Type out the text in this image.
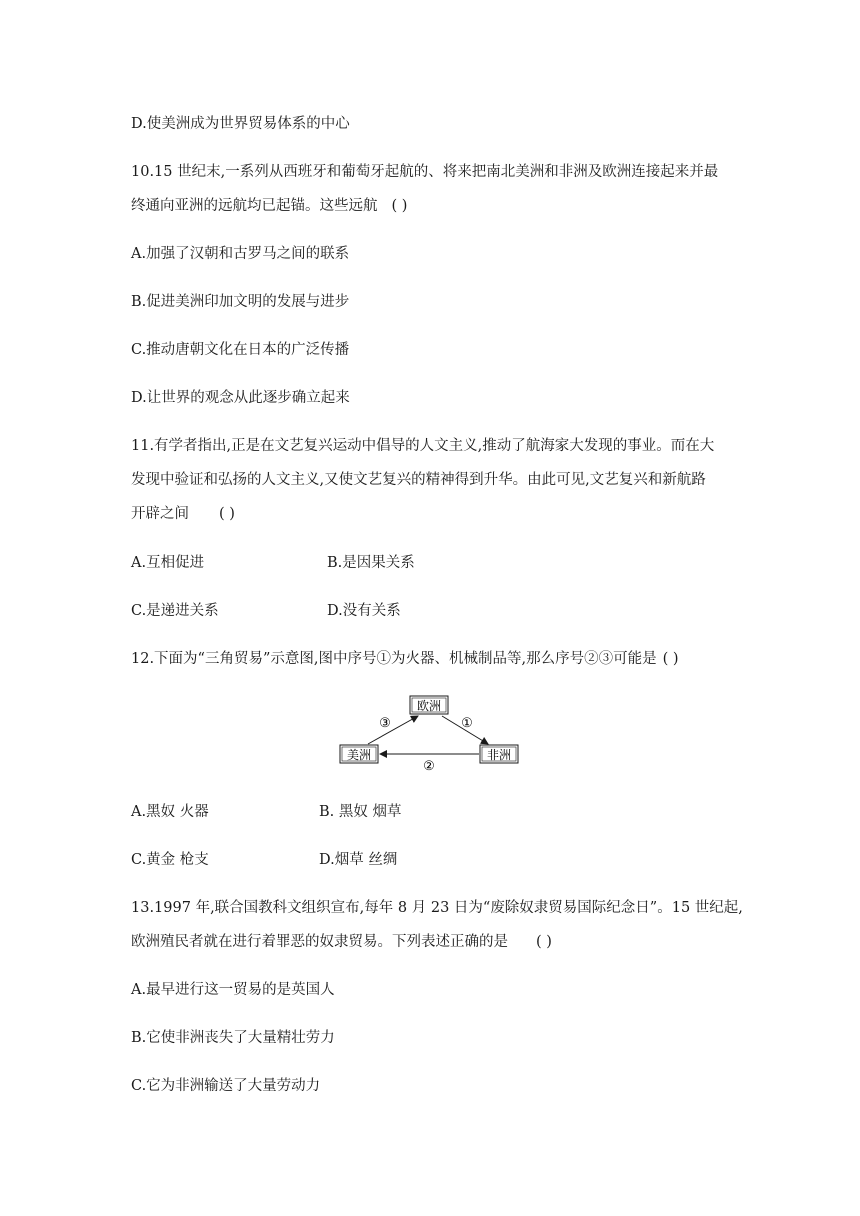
D.使美洲成为世界贸易体系的中心
10.15 世纪末,一系列从西班牙和葡萄牙起航的、将来把南北美洲和非洲及欧洲连接起来并最
终通向亚洲的远航均已起锚。这些远航 ( )
A.加强了汉朝和古罗马之间的联系
B.促进美洲印加文明的发展与进步
C.推动唐朝文化在日本的广泛传播
D.让世界的观念从此逐步确立起来
11.有学者指出,正是在文艺复兴运动中倡导的人文主义,推动了航海家大发现的事业。而在大
发现中验证和弘扬的人文主义,又使文艺复兴的精神得到升华。由此可见,文艺复兴和新航路
开辟之间 ( )
A.互相促进	B.是因果关系
C.是递进关系	D.没有关系
12.下面为“三角贸易”示意图,图中序号①为火器、机械制品等,那么序号②③可能是 ( )
欧洲
美洲	非洲
③	①
②
A.黑奴 火器	B. 黑奴 烟草
C.黄金 枪支	D.烟草 丝绸
13.1997 年,联合国教科文组织宣布,每年 8 月 23 日为“废除奴隶贸易国际纪念日”。15 世纪起,
欧洲殖民者就在进行着罪恶的奴隶贸易。下列表述正确的是 ( )
A.最早进行这一贸易的是英国人
B.它使非洲丧失了大量精壮劳力
C.它为非洲输送了大量劳动力
